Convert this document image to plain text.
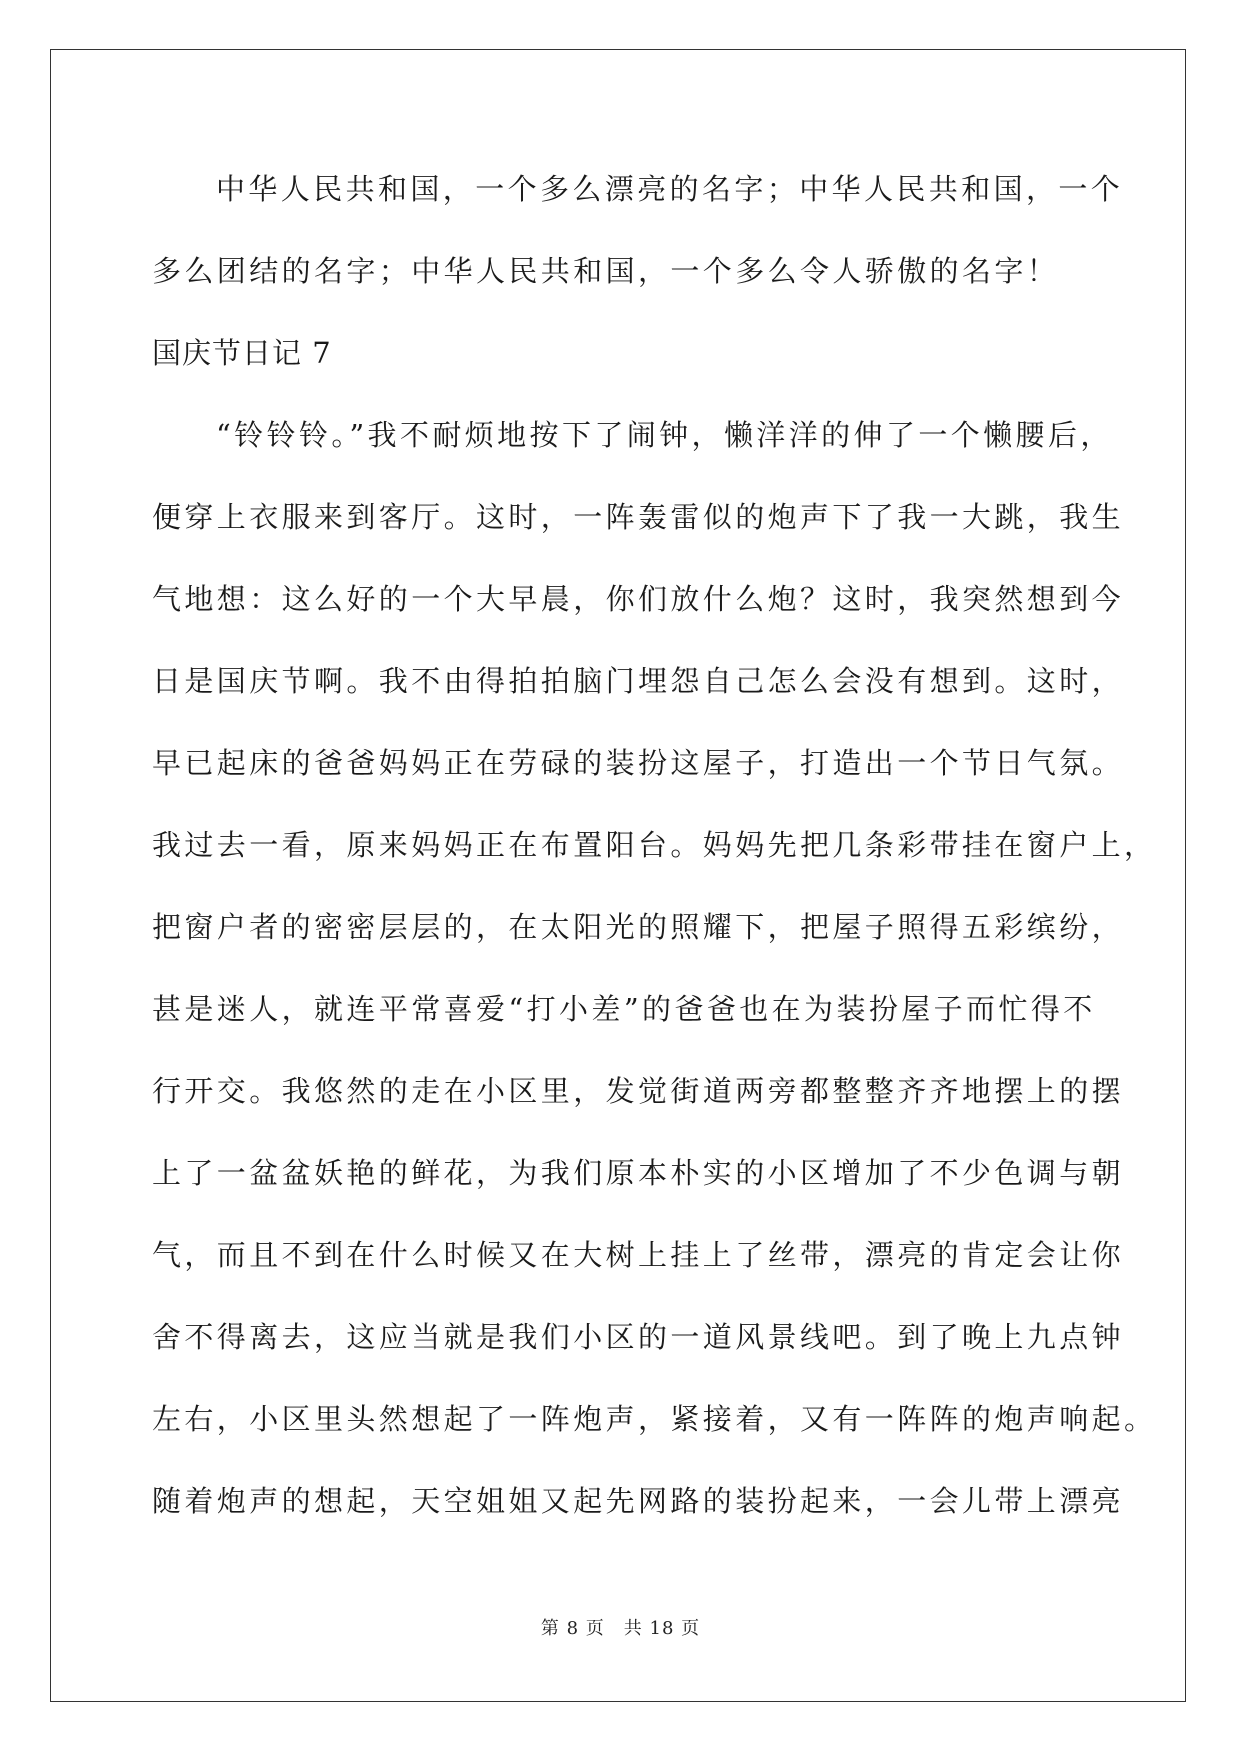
中华人民共和国，一个多么漂亮的名字；中华人民共和国，一个
多么团结的名字；中华人民共和国，一个多么令人骄傲的名字！
国庆节日记 7
“铃铃铃。”我不耐烦地按下了闹钟，懒洋洋的伸了一个懒腰后，
便穿上衣服来到客厅。这时，一阵轰雷似的炮声下了我一大跳，我生
气地想：这么好的一个大早晨，你们放什么炮？这时，我突然想到今
日是国庆节啊。我不由得拍拍脑门埋怨自己怎么会没有想到。这时，
早已起床的爸爸妈妈正在劳碌的装扮这屋子，打造出一个节日气氛。
我过去一看，原来妈妈正在布置阳台。妈妈先把几条彩带挂在窗户上，
把窗户者的密密层层的，在太阳光的照耀下，把屋子照得五彩缤纷，
甚是迷人，就连平常喜爱“打小差”的爸爸也在为装扮屋子而忙得不
行开交。我悠然的走在小区里，发觉街道两旁都整整齐齐地摆上的摆
上了一盆盆妖艳的鲜花，为我们原本朴实的小区增加了不少色调与朝
气，而且不到在什么时候又在大树上挂上了丝带，漂亮的肯定会让你
舍不得离去，这应当就是我们小区的一道风景线吧。到了晚上九点钟
左右，小区里头然想起了一阵炮声，紧接着，又有一阵阵的炮声响起。
随着炮声的想起，天空姐姐又起先网路的装扮起来，一会儿带上漂亮
第 8 页　共 18 页
